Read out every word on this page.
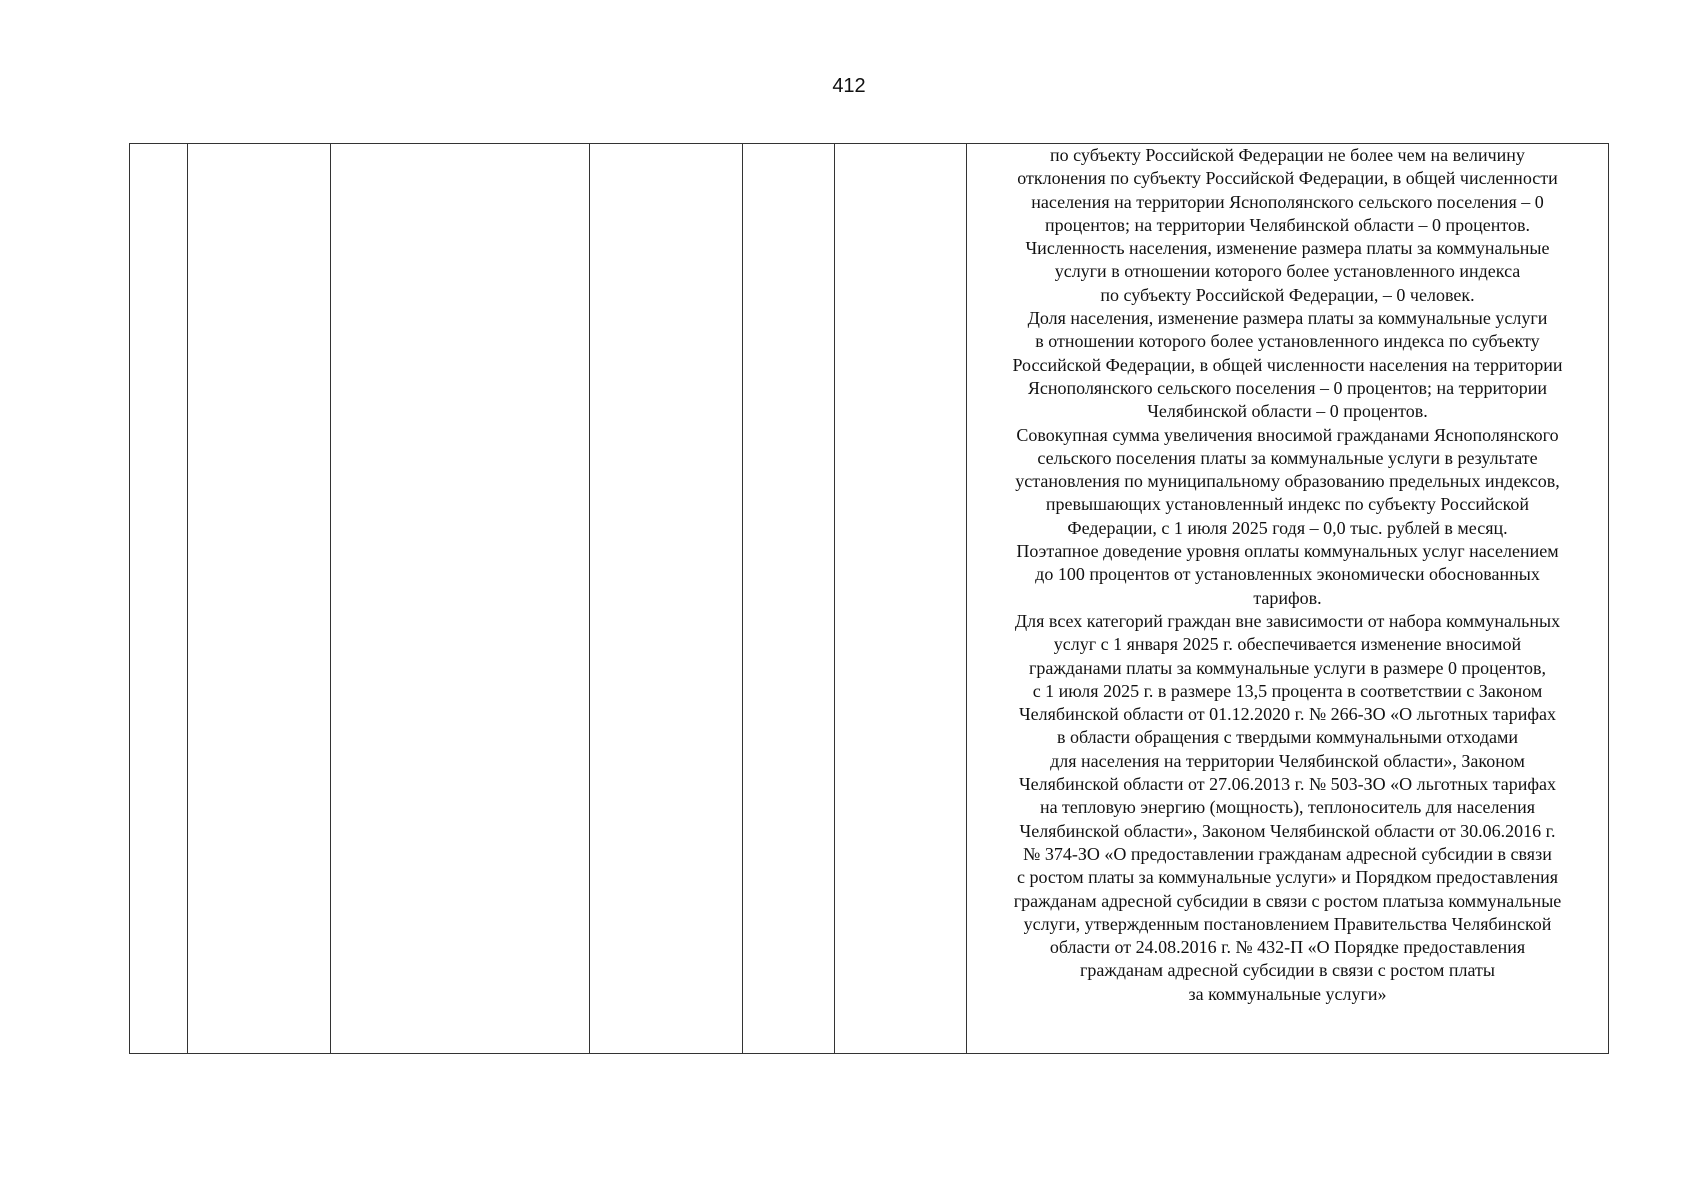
412

по субъекту Российской Федерации не более чем на величину
отклонения по субъекту Российской Федерации, в общей численности
населения на территории Яснополянского сельского поселения – 0
процентов; на территории Челябинской области – 0 процентов.
Численность населения, изменение размера платы за коммунальные
услуги в отношении которого более установленного индекса
по субъекту Российской Федерации, – 0 человек.
Доля населения, изменение размера платы за коммунальные услуги
в отношении которого более установленного индекса по субъекту
Российской Федерации, в общей численности населения на территории
Яснополянского сельского поселения – 0 процентов; на территории
Челябинской области – 0 процентов.
Совокупная сумма увеличения вносимой гражданами Яснополянского
сельского поселения платы за коммунальные услуги в результате
установления по муниципальному образованию предельных индексов,
превышающих установленный индекс по субъекту Российской
Федерации, с 1 июля 2025 годя – 0,0 тыс. рублей в месяц.
Поэтапное доведение уровня оплаты коммунальных услуг населением
до 100 процентов от установленных экономически обоснованных
тарифов.
Для всех категорий граждан вне зависимости от набора коммунальных
услуг с 1 января 2025 г. обеспечивается изменение вносимой
гражданами платы за коммунальные услуги в размере 0 процентов,
с 1 июля 2025 г. в размере 13,5 процента в соответствии с Законом
Челябинской области от 01.12.2020 г. № 266-ЗО «О льготных тарифах
в области обращения с твердыми коммунальными отходами
для населения на территории Челябинской области», Законом
Челябинской области от 27.06.2013 г. № 503-ЗО «О льготных тарифах
на тепловую энергию (мощность), теплоноситель для населения
Челябинской области», Законом Челябинской области от 30.06.2016 г.
№ 374-ЗО «О предоставлении гражданам адресной субсидии в связи
с ростом платы за коммунальные услуги» и Порядком предоставления
гражданам адресной субсидии в связи с ростом платыза коммунальные
услуги, утвержденным постановлением Правительства Челябинской
области от 24.08.2016 г. № 432-П «О Порядке предоставления
гражданам адресной субсидии в связи с ростом платы
за коммунальные услуги»
